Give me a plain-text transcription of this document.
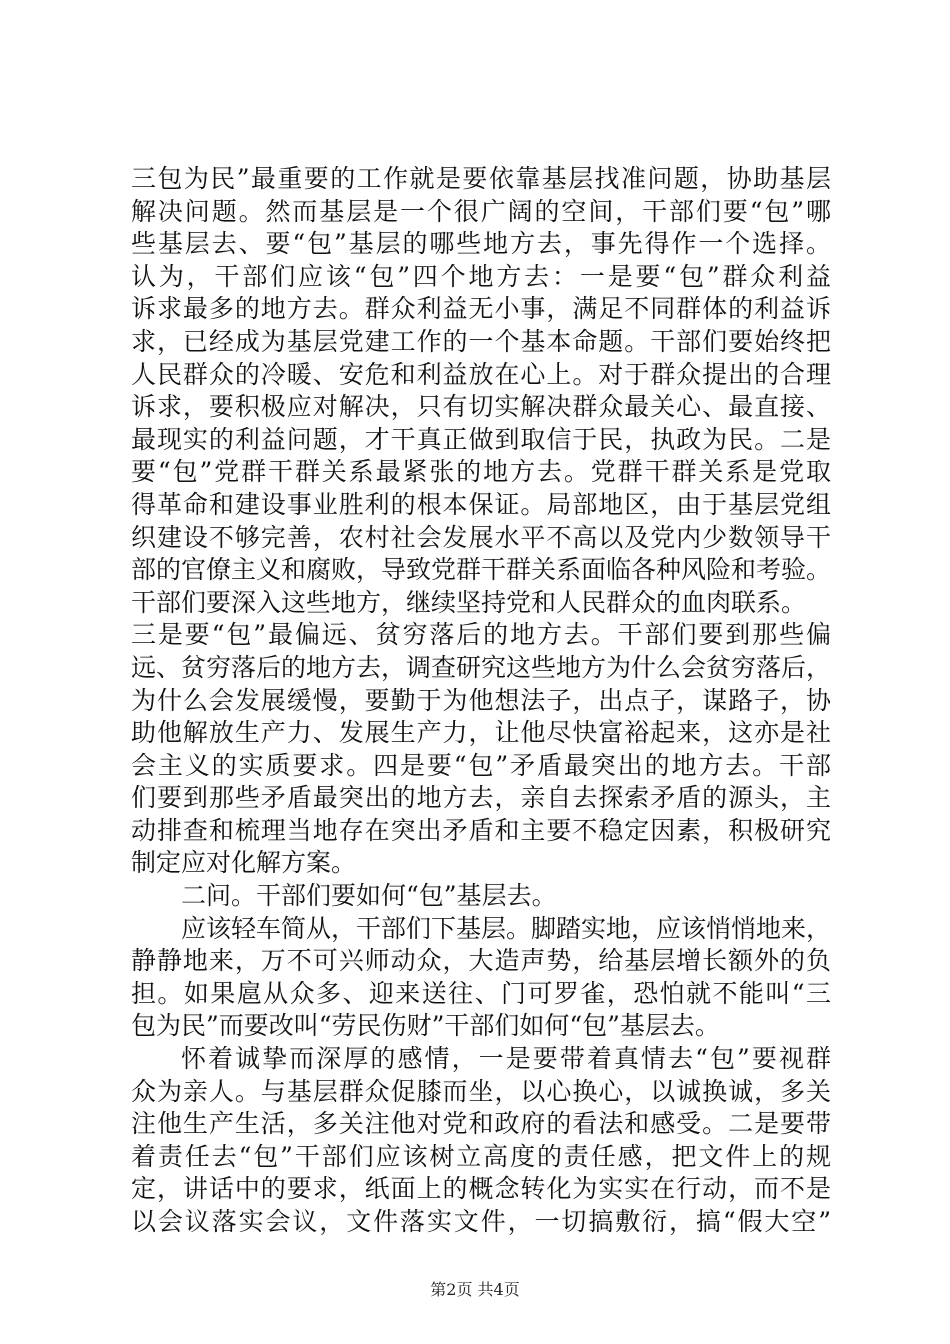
三包为民”最重要的工作就是要依靠基层找准问题，协助基层
解决问题。然而基层是一个很广阔的空间，干部们要“包”哪
些基层去、要“包”基层的哪些地方去，事先得作一个选择。
认为，干部们应该“包”四个地方去：一是要“包”群众利益
诉求最多的地方去。群众利益无小事，满足不同群体的利益诉
求，已经成为基层党建工作的一个基本命题。干部们要始终把
人民群众的冷暖、安危和利益放在心上。对于群众提出的合理
诉求，要积极应对解决，只有切实解决群众最关心、最直接、
最现实的利益问题，才干真正做到取信于民，执政为民。二是
要“包”党群干群关系最紧张的地方去。党群干群关系是党取
得革命和建设事业胜利的根本保证。局部地区，由于基层党组
织建设不够完善，农村社会发展水平不高以及党内少数领导干
部的官僚主义和腐败，导致党群干群关系面临各种风险和考验。
干部们要深入这些地方，继续坚持党和人民群众的血肉联系。
三是要“包”最偏远、贫穷落后的地方去。干部们要到那些偏
远、贫穷落后的地方去，调查研究这些地方为什么会贫穷落后，
为什么会发展缓慢，要勤于为他想法子，出点子，谋路子，协
助他解放生产力、发展生产力，让他尽快富裕起来，这亦是社
会主义的实质要求。四是要“包”矛盾最突出的地方去。干部
们要到那些矛盾最突出的地方去，亲自去探索矛盾的源头，主
动排查和梳理当地存在突出矛盾和主要不稳定因素，积极研究
制定应对化解方案。
二问。干部们要如何“包”基层去。
应该轻车简从，干部们下基层。脚踏实地，应该悄悄地来，
静静地来，万不可兴师动众，大造声势，给基层增长额外的负
担。如果扈从众多、迎来送往、门可罗雀，恐怕就不能叫“三
包为民”而要改叫“劳民伤财”干部们如何“包”基层去。
怀着诚挚而深厚的感情，一是要带着真情去“包”要视群
众为亲人。与基层群众促膝而坐，以心换心，以诚换诚，多关
注他生产生活，多关注他对党和政府的看法和感受。二是要带
着责任去“包”干部们应该树立高度的责任感，把文件上的规
定，讲话中的要求，纸面上的概念转化为实实在行动，而不是
以会议落实会议，文件落实文件，一切搞敷衍，搞“假大空”
第2页 共4页
